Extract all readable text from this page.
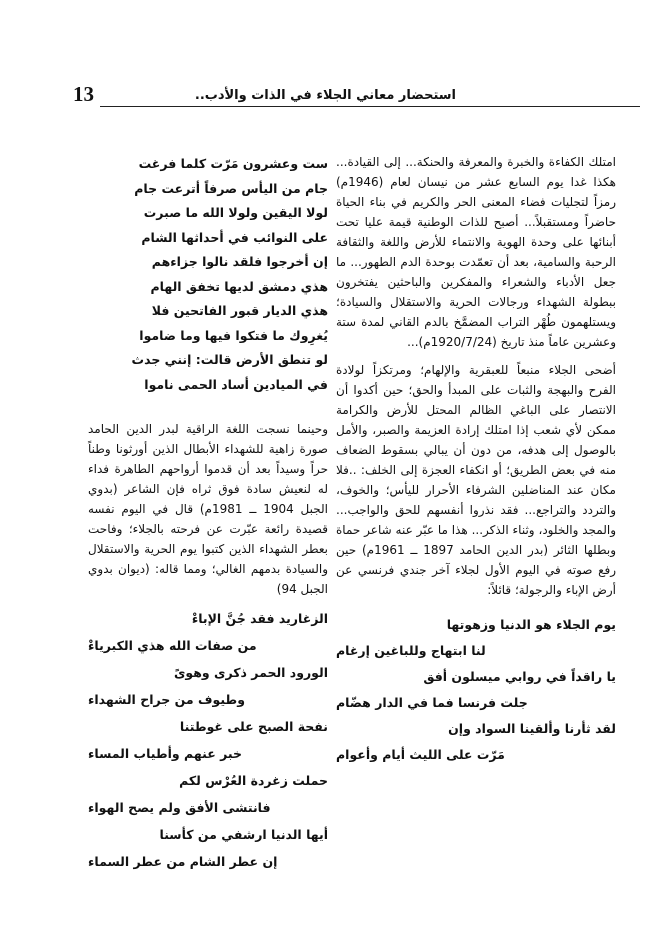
استحضار معاني الجلاء في الذات والأدب..
13

امتلك الكفاءة والخبرة والمعرفة والحنكة... إلى القيادة... هكذا غدا يوم السابع عشر من نيسان لعام (1946م) رمزاً لتجليات فضاء المعنى الحر والكريم في بناء الحياة حاضراً ومستقبلاً... أصبح للذات الوطنية قيمة عليا تحت أبنائها على وحدة الهوية والانتماء للأرض واللغة والثقافة الرحبة والسامية، بعد أن تعمّدت بوحدة الدم الطهور... ما جعل الأدباء والشعراء والمفكرين والباحثين يفتخرون ببطولة الشهداء ورجالات الحرية والاستقلال والسيادة؛ ويستلهمون طُهْر التراب المضمَّخ بالدم القاني لمدة ستة وعشرين عاماً منذ تاريخ (1920/7/24م)...

أضحى الجلاء منبعاً للعبقرية والإلهام؛ ومرتكزاً لولادة الفرح والبهجة والثبات على المبدأ والحق؛ حين أكدوا أن الانتصار على الباغي الظالم المحتل للأرض والكرامة ممكن لأي شعب إذا امتلك إرادة العزيمة والصبر، والأمل بالوصول إلى هدفه، من دون أن يبالي بسقوط الضعاف منه في بعض الطريق؛ أو انكفاء العجزة إلى الخلف: ..فلا مكان عند المناضلين الشرفاء الأحرار لليأس؛ والخوف، والتردد والتراجع... فقد نذروا أنفسهم للحق والواجب... والمجد والخلود، وثناء الذكر... هذا ما عبّر عنه شاعر حماة وبطلها الثائر (بدر الدين الحامد 1897 ــ 1961م) حين رفع صوته في اليوم الأول لجلاء آخر جندي فرنسي عن أرض الإباء والرجولة؛ قائلاً:

يوم الجلاء هو الدنيا وزهوتها
لنا ابتهاج وللباغين إرغام
يا راقداً في روابي ميسلون أفق
جلت فرنسا فما في الدار هضّام
لقد ثأرنا وألقينا السواد وإن
مَرّت على الليث أيام وأعوام
ست وعشرون مَرّت كلما فرغت
جام من اليأس صرفاً أترعت جام
لولا اليقين ولولا الله ما صبرت
على النوائب في أحداثها الشام
إن أخرجوا فلقد نالوا جزاءهم
هذي دمشق لديها تخفق الهام
هذي الديار قبور الفاتحين فلا
يُغرِوك ما فتكوا فيها وما ضاموا
لو تنطق الأرض قالت: إنني جدث
في الميادين أساد الحمى ناموا

وحينما نسجت اللغة الراقية لبدر الدين الحامد صورة زاهية للشهداء الأبطال الذين أورثونا وطناً حراً وسيداً بعد أن قدموا أرواحهم الطاهرة فداء له لنعيش سادة فوق ثراه فإن الشاعر (بدوي الجبل 1904 ــ 1981م) قال في اليوم نفسه قصيدة رائعة عبّرت عن فرحته بالجلاء؛ وفاحت بعطر الشهداء الذين كتبوا يوم الحرية والاستقلال والسيادة بدمهم الغالي؛ ومما قاله: (ديوان بدوي الجبل 94)

الزغاريد فقد جُنَّ الإباءْ
من صفات الله هذي الكبرياءْ
الورود الحمر ذكرى وهوىً
وطيوف من جراح الشهداء
نفحة الصبح على غوطتنا
خبر عنهم وأطياب المساء
حملت زغردة العُرْس لكم
فانتشى الأفق ولم يصح الهواء
أيها الدنيا ارشفي من كأسنا
إن عطر الشام من عطر السماء
